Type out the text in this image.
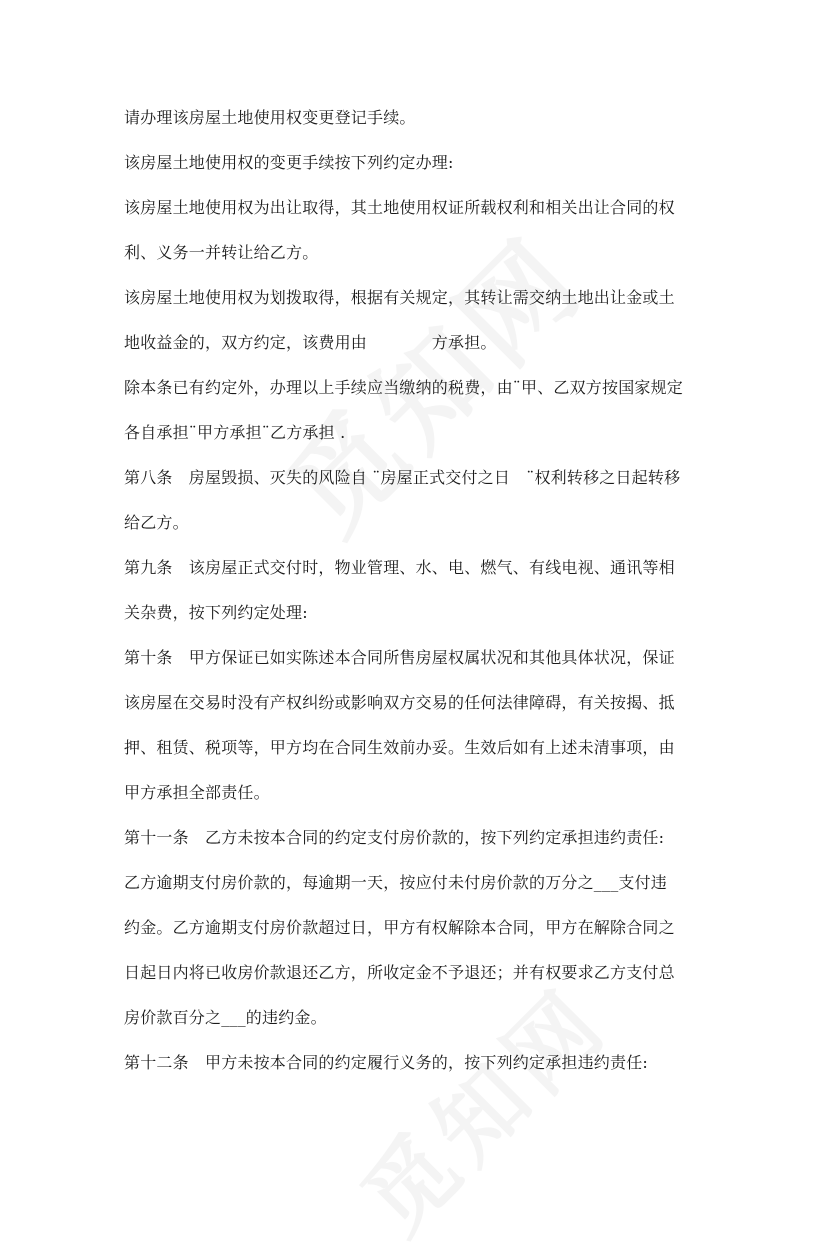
请办理该房屋土地使用权变更登记手续。

该房屋土地使用权的变更手续按下列约定办理:

该房屋土地使用权为出让取得，其土地使用权证所载权利和相关出让合同的权

利、义务一并转让给乙方。

该房屋土地使用权为划拨取得，根据有关规定，其转让需交纳土地出让金或土

地收益金的，双方约定，该费用由　　　　方承担。

除本条已有约定外，办理以上手续应当缴纳的税费，由¨甲、乙双方按国家规定

各自承担¨甲方承担¨乙方承担 .

第八条　房屋毁损、灭失的风险自 ¨房屋正式交付之日　¨权利转移之日起转移

给乙方。

第九条　该房屋正式交付时，物业管理、水、电、燃气、有线电视、通讯等相

关杂费，按下列约定处理:

第十条　甲方保证已如实陈述本合同所售房屋权属状况和其他具体状况，保证

该房屋在交易时没有产权纠纷或影响双方交易的任何法律障碍，有关按揭、抵

押、租赁、税项等，甲方均在合同生效前办妥。生效后如有上述未清事项，由

甲方承担全部责任。

第十一条　乙方未按本合同的约定支付房价款的，按下列约定承担违约责任:

乙方逾期支付房价款的，每逾期一天，按应付未付房价款的万分之___支付违

约金。乙方逾期支付房价款超过日，甲方有权解除本合同，甲方在解除合同之

日起日内将已收房价款退还乙方，所收定金不予退还；并有权要求乙方支付总

房价款百分之___的违约金。

第十二条　甲方未按本合同的约定履行义务的，按下列约定承担违约责任:
